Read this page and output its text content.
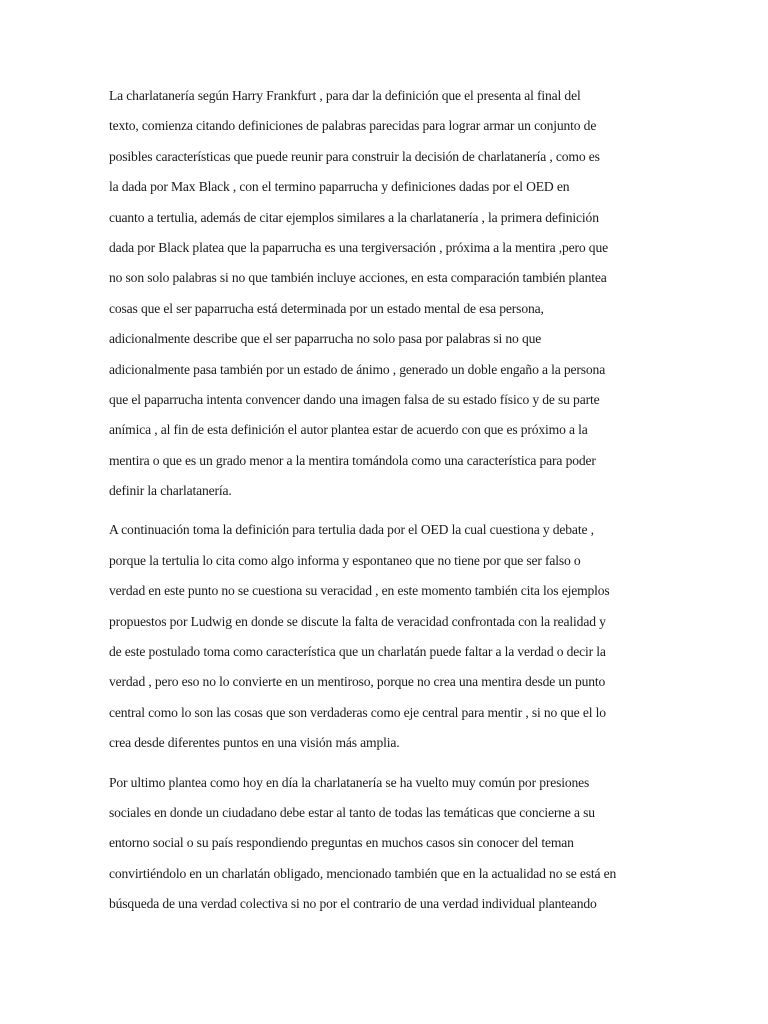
La charlatanería según Harry Frankfurt , para dar la definición que el presenta al final del
texto, comienza citando definiciones de palabras parecidas para lograr armar un conjunto de
posibles características que puede reunir para construir la decisión de charlatanería , como es
la dada por Max Black , con el termino paparrucha y definiciones dadas por el OED en
cuanto a tertulia, además de citar ejemplos similares a la charlatanería , la primera definición
dada por Black platea que la paparrucha es una tergiversación , próxima a la mentira ,pero que
no son solo palabras si no que también incluye acciones, en esta comparación también plantea
cosas que el ser paparrucha está determinada por un estado mental de esa persona,
adicionalmente describe que el ser paparrucha no solo pasa por palabras si no que
adicionalmente pasa también por un estado de ánimo , generado un doble engaño a la persona
que el paparrucha intenta convencer dando una imagen falsa de su estado físico y de su parte
anímica , al fin de esta definición el autor plantea estar de acuerdo con que es próximo a la
mentira o que es un grado menor a la mentira tomándola como una característica para poder
definir la charlatanería.

A continuación toma la definición para tertulia dada por el OED la cual cuestiona y debate ,
porque la tertulia lo cita como algo informa y espontaneo que no tiene por que ser falso o
verdad en este punto no se cuestiona su veracidad , en este momento también cita los ejemplos
propuestos por Ludwig en donde se discute la falta de veracidad confrontada con la realidad y
de este postulado toma como característica que un charlatán puede faltar a la verdad o decir la
verdad , pero eso no lo convierte en un mentiroso, porque no crea una mentira desde un punto
central como lo son las cosas que son verdaderas como eje central para mentir , si no que el lo
crea desde diferentes puntos en una visión más amplia.

Por ultimo plantea como hoy en día la charlatanería se ha vuelto muy común por presiones
sociales en donde un ciudadano debe estar al tanto de todas las temáticas que concierne a su
entorno social o su país respondiendo preguntas en muchos casos sin conocer del teman
convirtiéndolo en un charlatán obligado, mencionado también que en la actualidad no se está en
búsqueda de una verdad colectiva si no por el contrario de una verdad individual planteando
